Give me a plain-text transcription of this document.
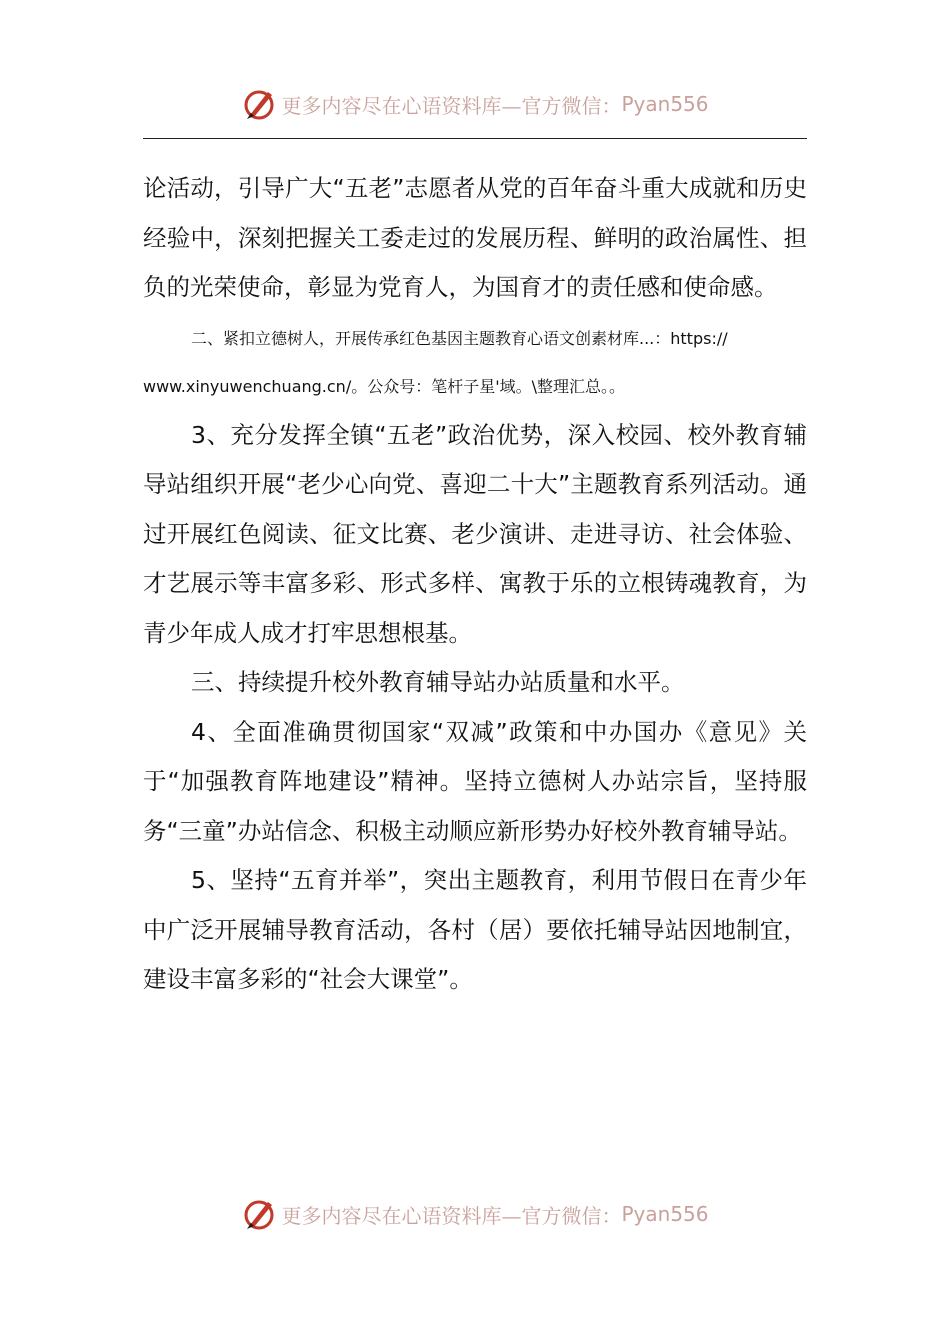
更多内容尽在心语资料库—官方微信： Pyan556

论活动，引导广大“五老”志愿者从党的百年奋斗重大成就和历史经验中，深刻把握关工委走过的发展历程、鲜明的政治属性、担负的光荣使命，彰显为党育人，为国育才的责任感和使命感。

二、紧扣立德树人，开展传承红色基因主题教育心语文创素材库...：https://

www.xinyuwenchuang.cn/。公众号：笔杆子星'域。\整理汇总。。

3、充分发挥全镇“五老”政治优势，深入校园、校外教育辅导站组织开展“老少心向党、喜迎二十大”主题教育系列活动。通过开展红色阅读、征文比赛、老少演讲、走进寻访、社会体验、才艺展示等丰富多彩、形式多样、寓教于乐的立根铸魂教育，为青少年成人成才打牢思想根基。

三、持续提升校外教育辅导站办站质量和水平。

4、全面准确贯彻国家“双减”政策和中办国办《意见》关于“加强教育阵地建设”精神。坚持立德树人办站宗旨，坚持服务“三童”办站信念、积极主动顺应新形势办好校外教育辅导站。

5、坚持“五育并举”，突出主题教育，利用节假日在青少年中广泛开展辅导教育活动，各村（居）要依托辅导站因地制宜，建设丰富多彩的“社会大课堂”。

更多内容尽在心语资料库—官方微信： Pyan556
